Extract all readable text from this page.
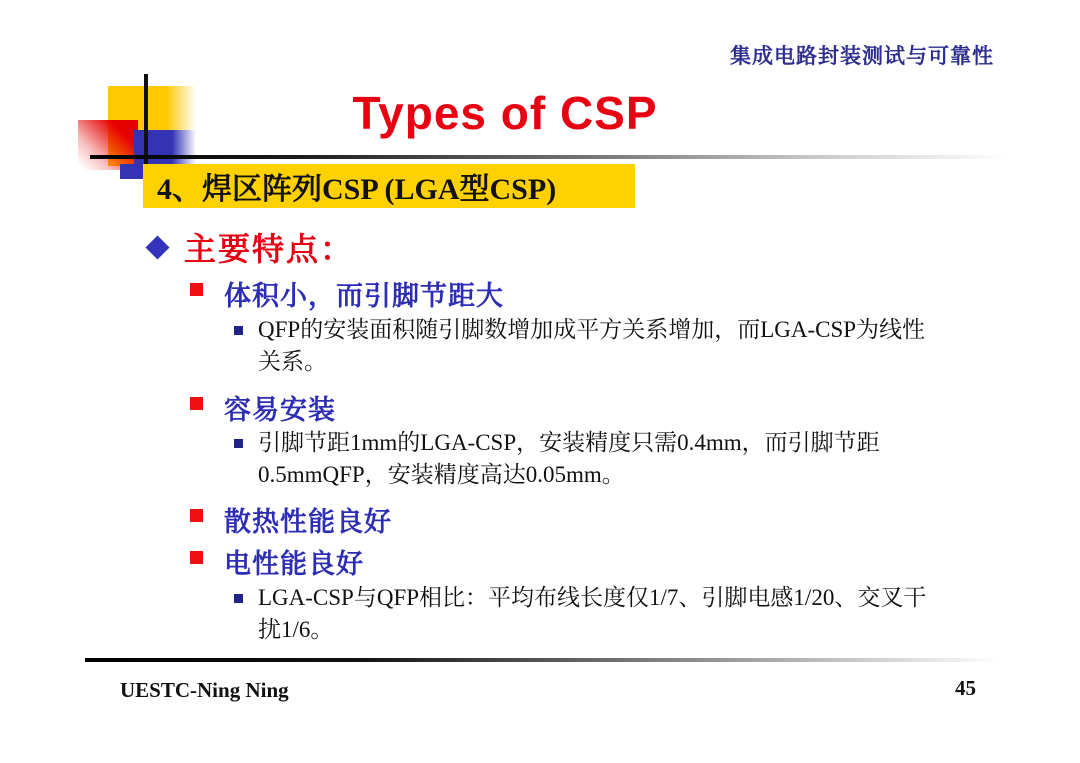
集成电路封装测试与可靠性
Types of CSP
4、焊区阵列CSP (LGA型CSP)
主要特点：
体积小，而引脚节距大
QFP的安装面积随引脚数增加成平方关系增加，而LGA-CSP为线性关系。
容易安装
引脚节距1mm的LGA-CSP，安装精度只需0.4mm，而引脚节距0.5mmQFP，安装精度高达0.05mm。
散热性能良好
电性能良好
LGA-CSP与QFP相比：平均布线长度仅1/7、引脚电感1/20、交叉干扰1/6。
UESTC-Ning Ning	45
